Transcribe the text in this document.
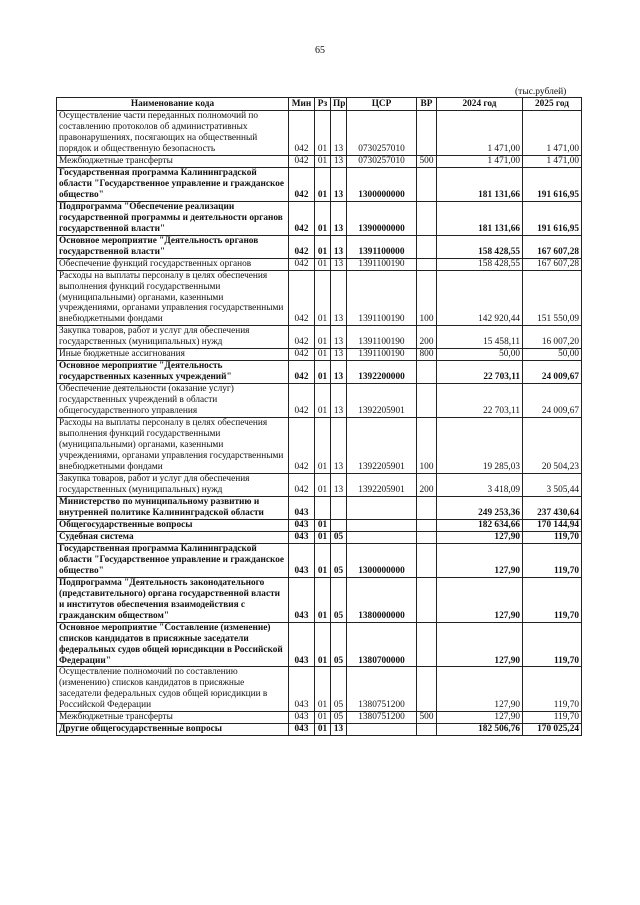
65
(тыс.рублей)
Наименование кода	Мин	Рз	Пр	ЦСР	ВР	2024 год	2025 год
Осуществление части переданных полномочий по составлению протоколов об административных правонарушениях, посягающих на общественный порядок и общественную безопасность	042	01	13	0730257010		1 471,00	1 471,00
Межбюджетные трансферты	042	01	13	0730257010	500	1 471,00	1 471,00
Государственная программа Калининградской области "Государственное управление и гражданское общество"	042	01	13	1300000000		181 131,66	191 616,95
Подпрограмма "Обеспечение реализации государственной программы и деятельности органов государственной власти"	042	01	13	1390000000		181 131,66	191 616,95
Основное мероприятие "Деятельность органов государственной власти"	042	01	13	1391100000		158 428,55	167 607,28
Обеспечение функций государственных органов	042	01	13	1391100190		158 428,55	167 607,28
Расходы на выплаты персоналу в целях обеспечения выполнения функций государственными (муниципальными) органами, казенными учреждениями, органами управления государственными внебюджетными фондами	042	01	13	1391100190	100	142 920,44	151 550,09
Закупка товаров, работ и услуг для обеспечения государственных (муниципальных) нужд	042	01	13	1391100190	200	15 458,11	16 007,20
Иные бюджетные ассигнования	042	01	13	1391100190	800	50,00	50,00
Основное мероприятие "Деятельность государственных казенных учреждений"	042	01	13	1392200000		22 703,11	24 009,67
Обеспечение деятельности (оказание услуг) государственных учреждений в области общегосударственного управления	042	01	13	1392205901		22 703,11	24 009,67
Расходы на выплаты персоналу в целях обеспечения выполнения функций государственными (муниципальными) органами, казенными учреждениями, органами управления государственными внебюджетными фондами	042	01	13	1392205901	100	19 285,03	20 504,23
Закупка товаров, работ и услуг для обеспечения государственных (муниципальных) нужд	042	01	13	1392205901	200	3 418,09	3 505,44
Министерство по муниципальному развитию и внутренней политике Калининградской области	043					249 253,36	237 430,64
Общегосударственные вопросы	043	01				182 634,66	170 144,94
Судебная система	043	01	05			127,90	119,70
Государственная программа Калининградской области "Государственное управление и гражданское общество"	043	01	05	1300000000		127,90	119,70
Подпрограмма "Деятельность законодательного (представительного) органа государственной власти и институтов обеспечения взаимодействия с гражданским обществом"	043	01	05	1380000000		127,90	119,70
Основное мероприятие "Составление (изменение) списков кандидатов в присяжные заседатели федеральных судов общей юрисдикции в Российской Федерации"	043	01	05	1380700000		127,90	119,70
Осуществление полномочий по составлению (изменению) списков кандидатов в присяжные заседатели федеральных судов общей юрисдикции в Российской Федерации	043	01	05	1380751200		127,90	119,70
Межбюджетные трансферты	043	01	05	1380751200	500	127,90	119,70
Другие общегосударственные вопросы	043	01	13			182 506,76	170 025,24
